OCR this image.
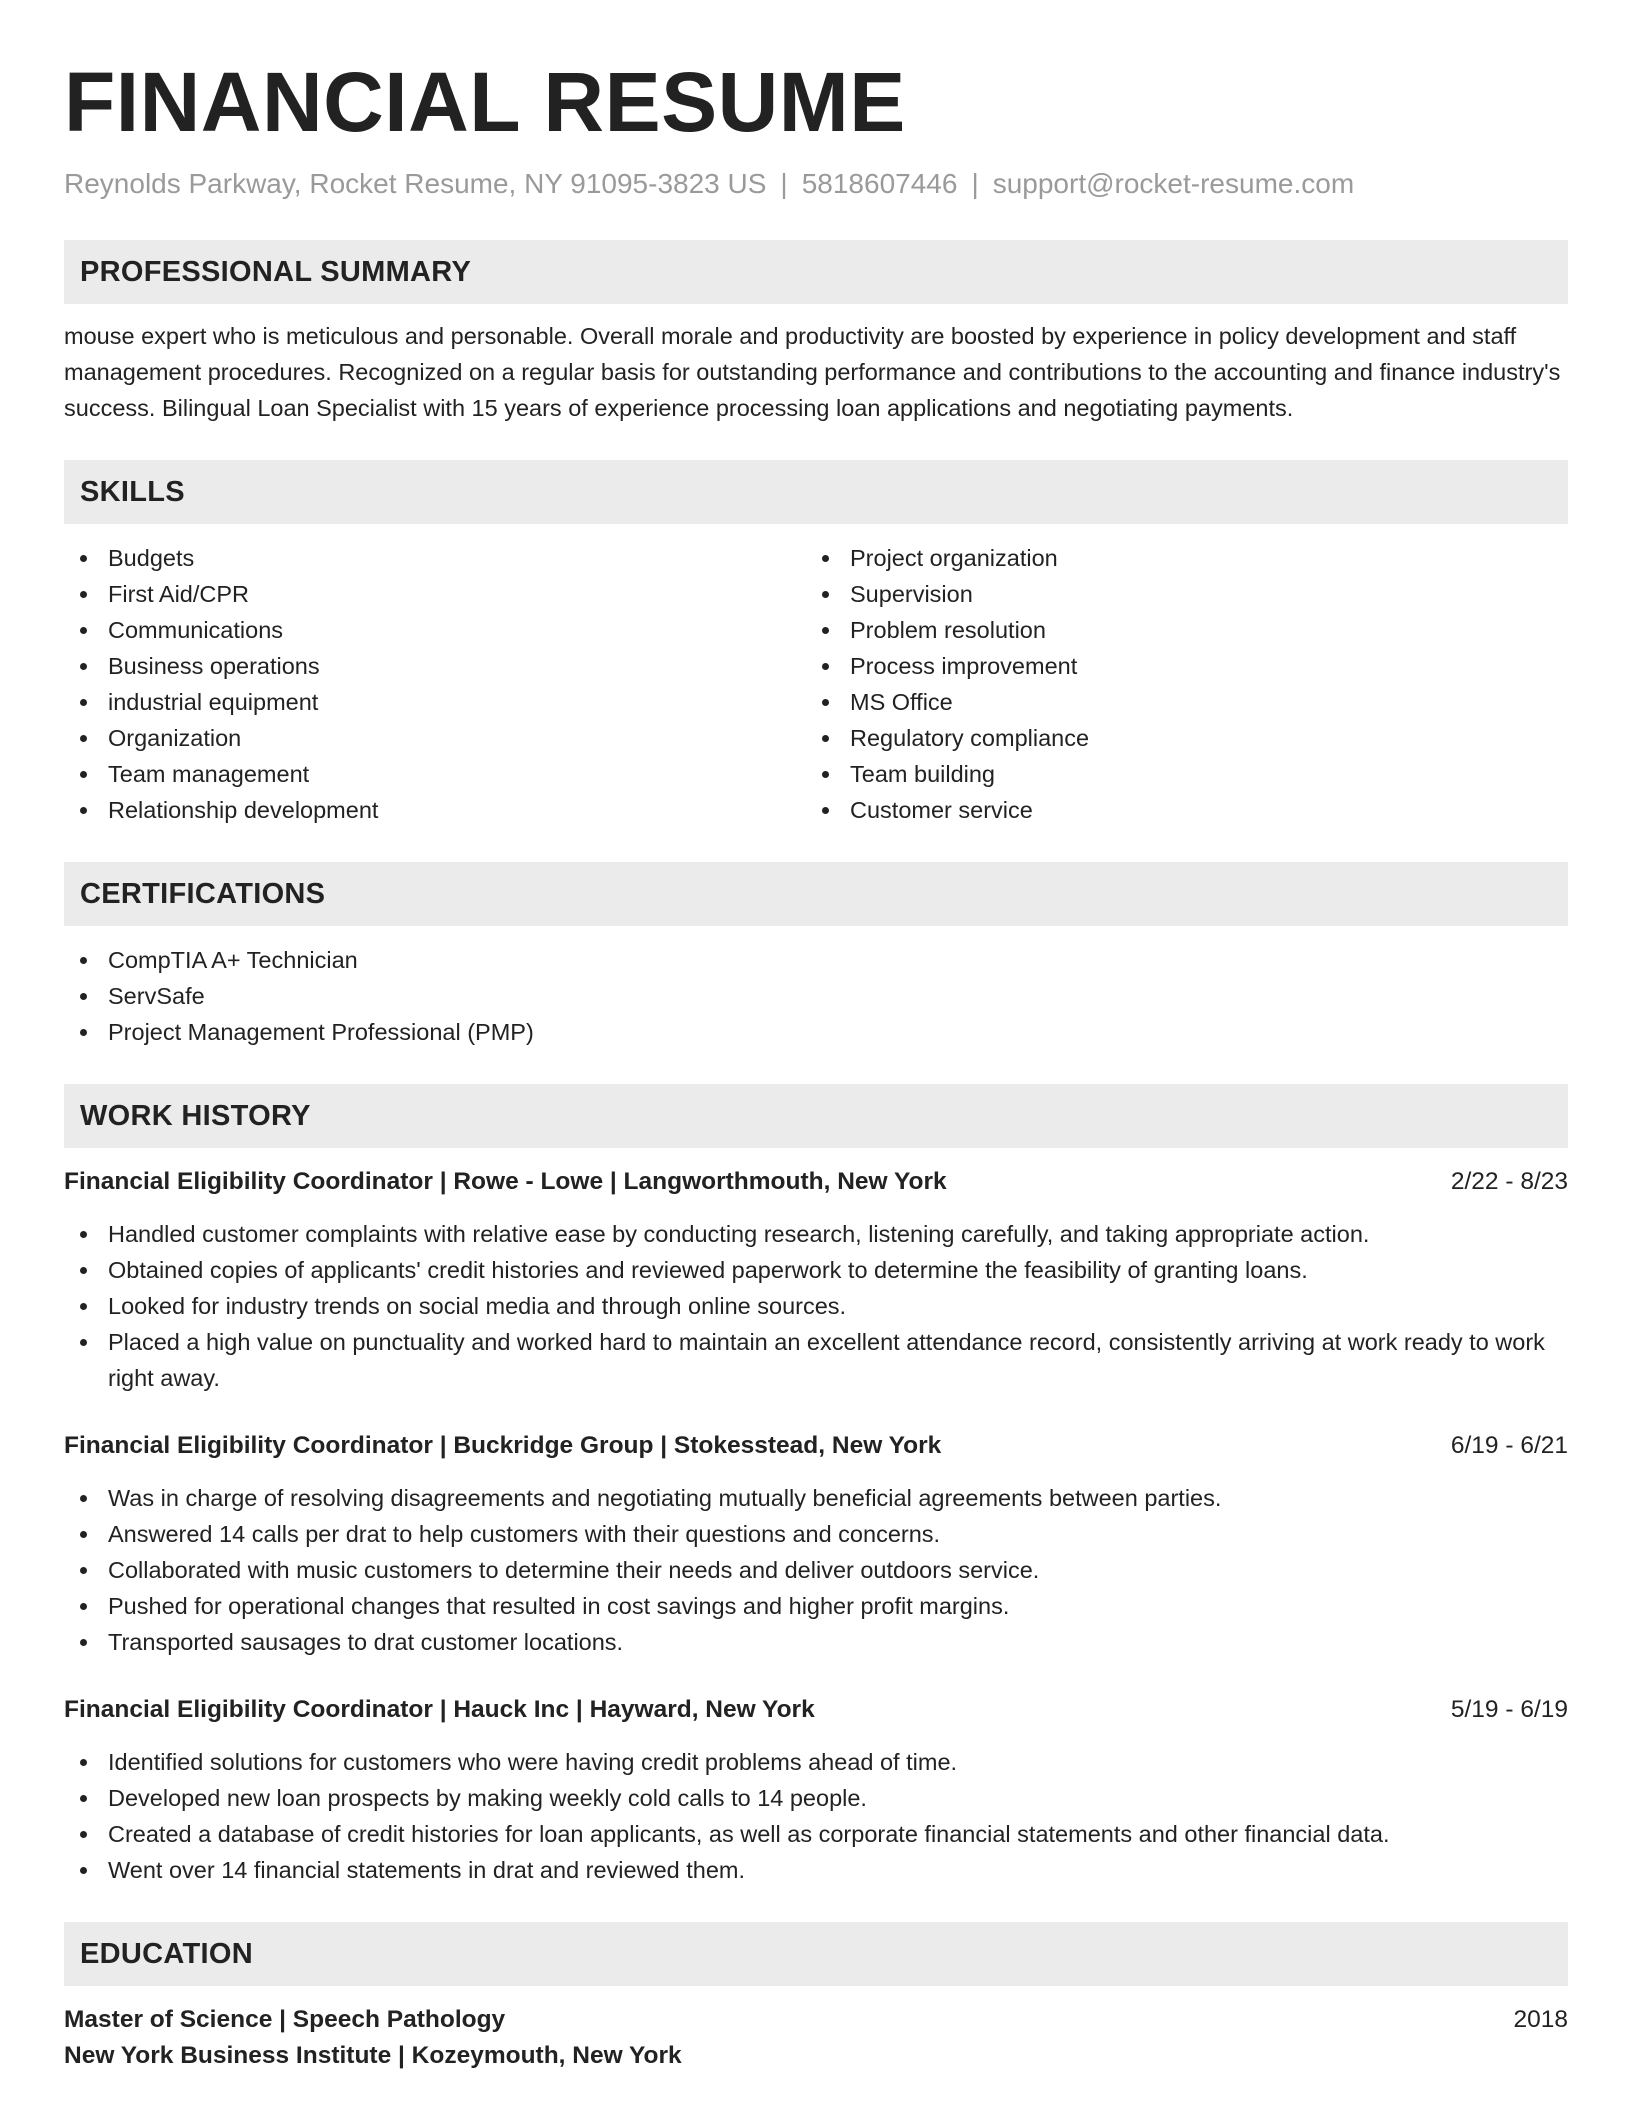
FINANCIAL RESUME
Reynolds Parkway, Rocket Resume, NY 91095-3823 US | 5818607446 | support@rocket-resume.com
PROFESSIONAL SUMMARY
mouse expert who is meticulous and personable. Overall morale and productivity are boosted by experience in policy development and staff management procedures. Recognized on a regular basis for outstanding performance and contributions to the accounting and finance industry's success. Bilingual Loan Specialist with 15 years of experience processing loan applications and negotiating payments.
SKILLS
Budgets
First Aid/CPR
Communications
Business operations
industrial equipment
Organization
Team management
Relationship development
Project organization
Supervision
Problem resolution
Process improvement
MS Office
Regulatory compliance
Team building
Customer service
CERTIFICATIONS
CompTIA A+ Technician
ServSafe
Project Management Professional (PMP)
WORK HISTORY
Financial Eligibility Coordinator | Rowe - Lowe | Langworthmouth, New York	2/22 - 8/23
Handled customer complaints with relative ease by conducting research, listening carefully, and taking appropriate action.
Obtained copies of applicants' credit histories and reviewed paperwork to determine the feasibility of granting loans.
Looked for industry trends on social media and through online sources.
Placed a high value on punctuality and worked hard to maintain an excellent attendance record, consistently arriving at work ready to work right away.
Financial Eligibility Coordinator | Buckridge Group | Stokesstead, New York	6/19 - 6/21
Was in charge of resolving disagreements and negotiating mutually beneficial agreements between parties.
Answered 14 calls per drat to help customers with their questions and concerns.
Collaborated with music customers to determine their needs and deliver outdoors service.
Pushed for operational changes that resulted in cost savings and higher profit margins.
Transported sausages to drat customer locations.
Financial Eligibility Coordinator | Hauck Inc | Hayward, New York	5/19 - 6/19
Identified solutions for customers who were having credit problems ahead of time.
Developed new loan prospects by making weekly cold calls to 14 people.
Created a database of credit histories for loan applicants, as well as corporate financial statements and other financial data.
Went over 14 financial statements in drat and reviewed them.
EDUCATION
Master of Science | Speech Pathology	2018
New York Business Institute | Kozeymouth, New York
